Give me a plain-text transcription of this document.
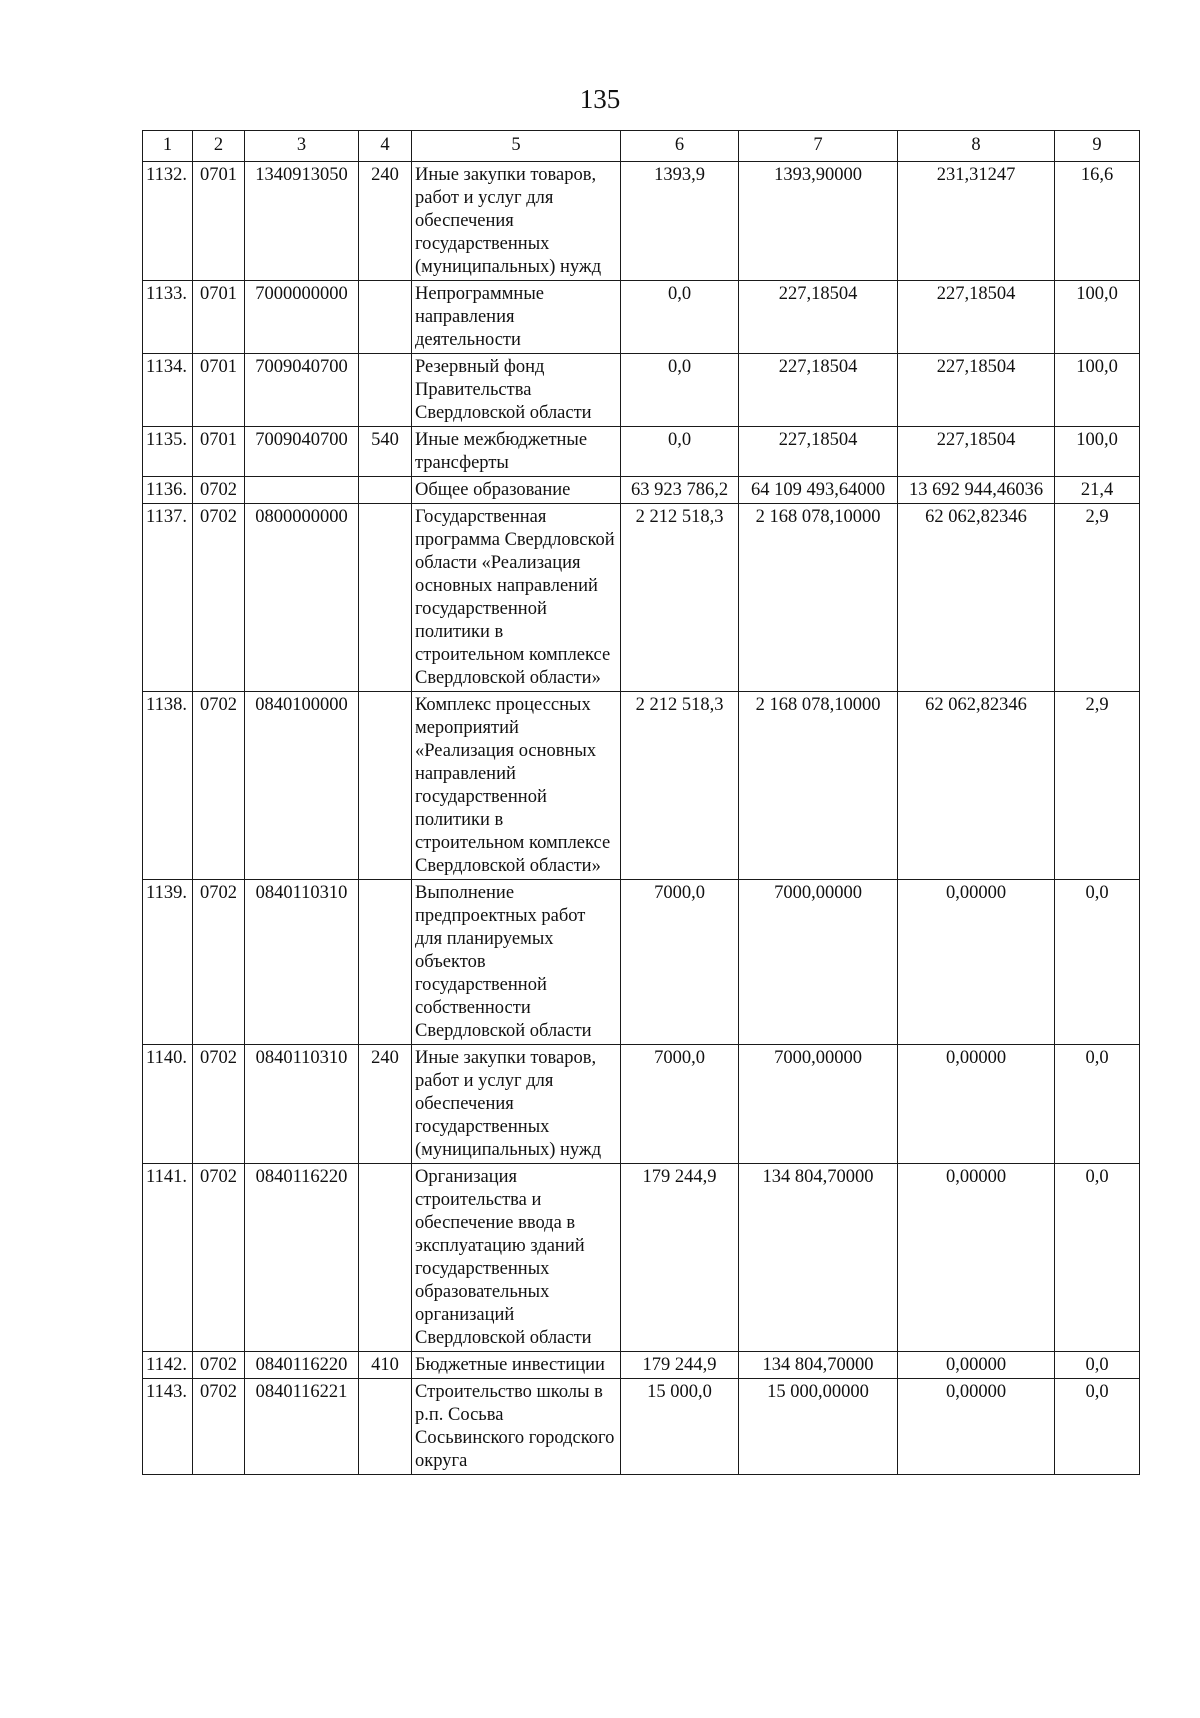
135
1	2	3	4	5	6	7	8	9
1132.	0701	1340913050	240	Иные закупки товаров, работ и услуг для обеспечения государственных (муниципальных) нужд	1393,9	1393,90000	231,31247	16,6
1133.	0701	7000000000		Непрограммные направления деятельности	0,0	227,18504	227,18504	100,0
1134.	0701	7009040700		Резервный фонд Правительства Свердловской области	0,0	227,18504	227,18504	100,0
1135.	0701	7009040700	540	Иные межбюджетные трансферты	0,0	227,18504	227,18504	100,0
1136.	0702			Общее образование	63 923 786,2	64 109 493,64000	13 692 944,46036	21,4
1137.	0702	0800000000		Государственная программа Свердловской области «Реализация основных направлений государственной политики в строительном комплексе Свердловской области»	2 212 518,3	2 168 078,10000	62 062,82346	2,9
1138.	0702	0840100000		Комплекс процессных мероприятий «Реализация основных направлений государственной политики в строительном комплексе Свердловской области»	2 212 518,3	2 168 078,10000	62 062,82346	2,9
1139.	0702	0840110310		Выполнение предпроектных работ для планируемых объектов государственной собственности Свердловской области	7000,0	7000,00000	0,00000	0,0
1140.	0702	0840110310	240	Иные закупки товаров, работ и услуг для обеспечения государственных (муниципальных) нужд	7000,0	7000,00000	0,00000	0,0
1141.	0702	0840116220		Организация строительства и обеспечение ввода в эксплуатацию зданий государственных образовательных организаций Свердловской области	179 244,9	134 804,70000	0,00000	0,0
1142.	0702	0840116220	410	Бюджетные инвестиции	179 244,9	134 804,70000	0,00000	0,0
1143.	0702	0840116221		Строительство школы в р.п. Сосьва Сосьвинского городского округа	15 000,0	15 000,00000	0,00000	0,0
